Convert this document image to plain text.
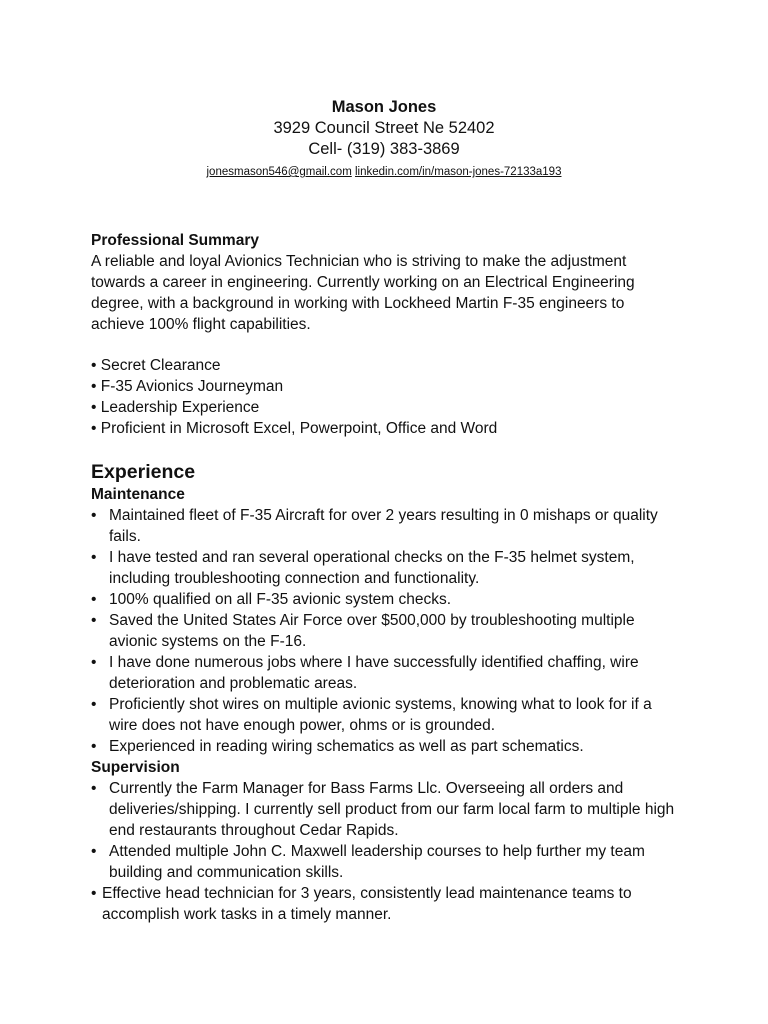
Mason Jones
3929 Council Street Ne 52402
Cell- (319) 383-3869
jonesmason546@gmail.com linkedin.com/in/mason-jones-72133a193
Professional Summary
A reliable and loyal Avionics Technician who is striving to make the adjustment towards a career in engineering. Currently working on an Electrical Engineering degree, with a background in working with Lockheed Martin F-35 engineers to achieve 100% flight capabilities.
• Secret Clearance
• F-35 Avionics Journeyman
• Leadership Experience
• Proficient in Microsoft Excel, Powerpoint, Office and Word
Experience
Maintenance
• Maintained fleet of F-35 Aircraft for over 2 years resulting in 0 mishaps or quality fails.
• I have tested and ran several operational checks on the F-35 helmet system, including troubleshooting connection and functionality.
• 100% qualified on all F-35 avionic system checks.
• Saved the United States Air Force over $500,000 by troubleshooting multiple avionic systems on the F-16.
• I have done numerous jobs where I have successfully identified chaffing, wire deterioration and problematic areas.
• Proficiently shot wires on multiple avionic systems, knowing what to look for if a wire does not have enough power, ohms or is grounded.
• Experienced in reading wiring schematics as well as part schematics.
Supervision
• Currently the Farm Manager for Bass Farms Llc. Overseeing all orders and deliveries/shipping. I currently sell product from our farm local farm to multiple high end restaurants throughout Cedar Rapids.
• Attended multiple John C. Maxwell leadership courses to help further my team building and communication skills.
• Effective head technician for 3 years, consistently lead maintenance teams to accomplish work tasks in a timely manner.
